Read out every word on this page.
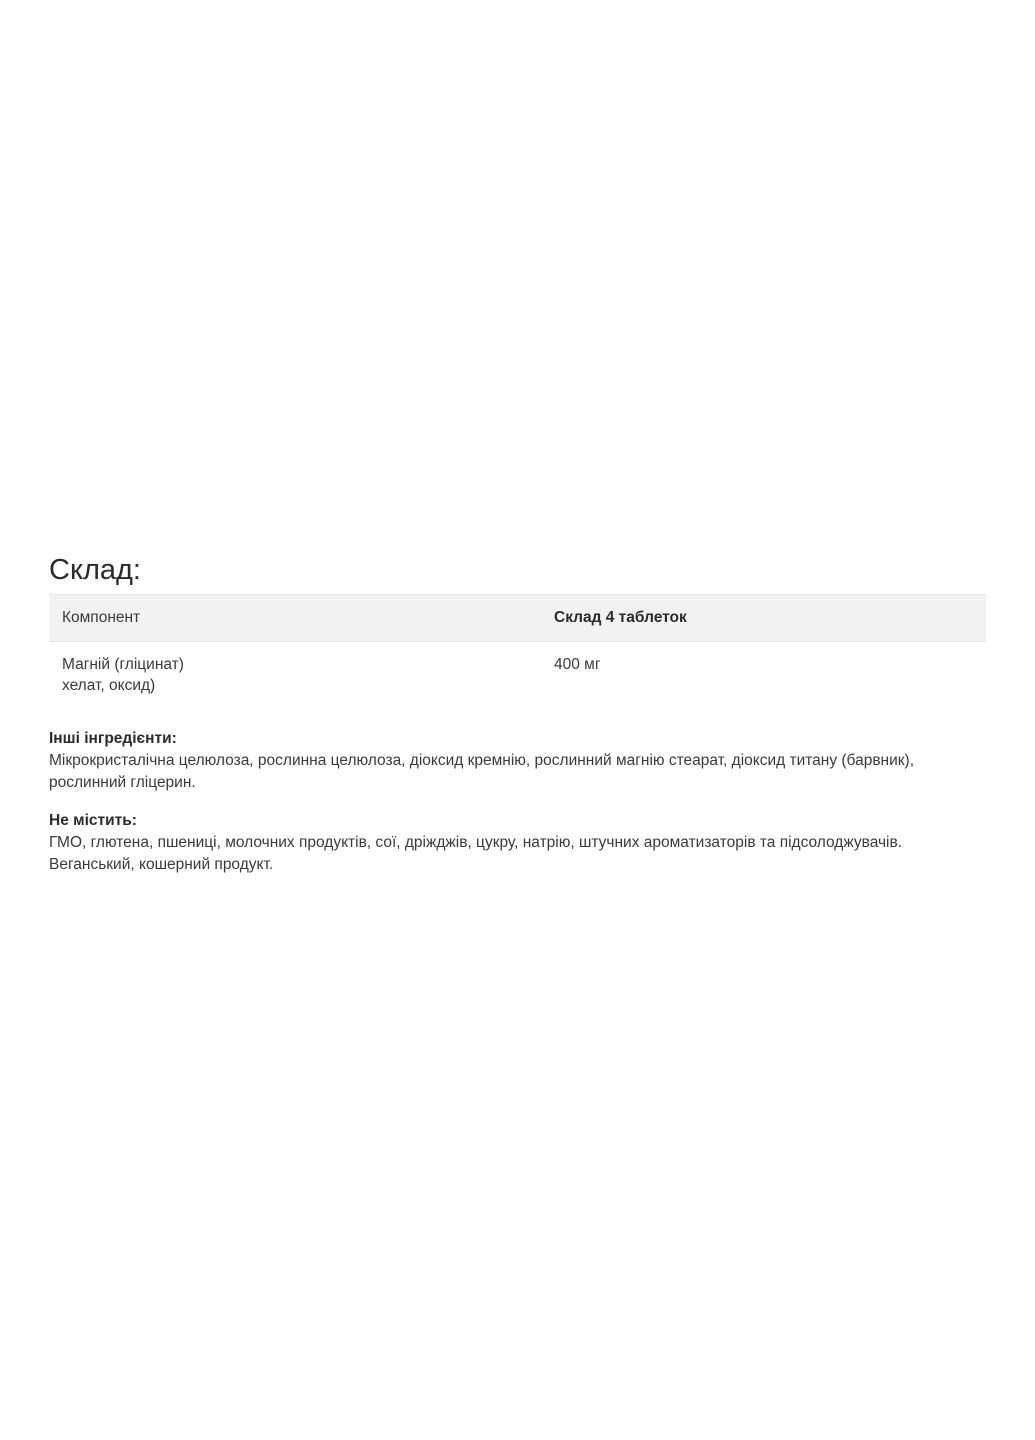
Склад:
Компонент	Склад 4 таблеток

Магній (гліцинат)
хелат, оксид)	400 мг
Інші інгредієнти:
Мікрокристалічна целюлоза, рослинна целюлоза, діоксид кремнію, рослинний магнію стеарат, діоксид титану (барвник), рослинний гліцерин.
Не містить:
ГМО, глютена, пшениці, молочних продуктів, сої, дріжджів, цукру, натрію, штучних ароматизаторів та підсолоджувачів. Веганський, кошерний продукт.
